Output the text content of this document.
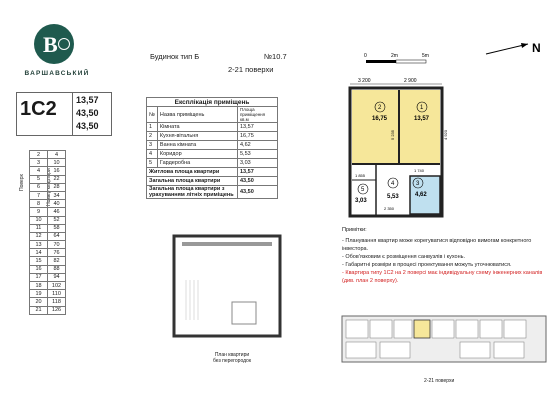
В
ВАРШАВСЬКИЙ
1C2 13,57
43,50
43,50
Будинок тип Б	№10.7
2-21 поверхи
Експлікація приміщень		
№	Назва приміщень	Площа приміщення кв.м
1	Кімната	13,57
2	Кухня-вітальня	16,75
3	Ванна кімната	4,62
4	Коридор	5,53
5	Гардеробна	3,03
Житлова площа квартири		13,57
Загальна площа квартири		43,50
Загальна площа квартири з урахуванням літніх приміщень		43,50
Поверх	Номер квартири
2	4
3	10
4	16
5	22
6	28
7	34
8	40
9	46
10	52
11	58
12	64
13	70
14	76
15	82
16	88
17	94
18	102
19	110
20	118
21	126
0	2m	5m
N
3 200	2 900
2
16,75
1
13,57
3
4,62
4
5,53
5
3,03
5 235	4 920
1 740
1 855
2 350
План квартири
без перегородок
Примітки:
- Планування квартир може корегуватися відповідно вимогам конкретного інвестора.
- Обов'язковим є розміщення санвузлів і кухонь.
- Габаритні розміри в процесі проектування можуть уточнюватися.
- Квартира типу 1С2 на 2 поверсі має індивідуальну схему інженерних каналів (див. план 2 поверху).
2-21 поверхи
